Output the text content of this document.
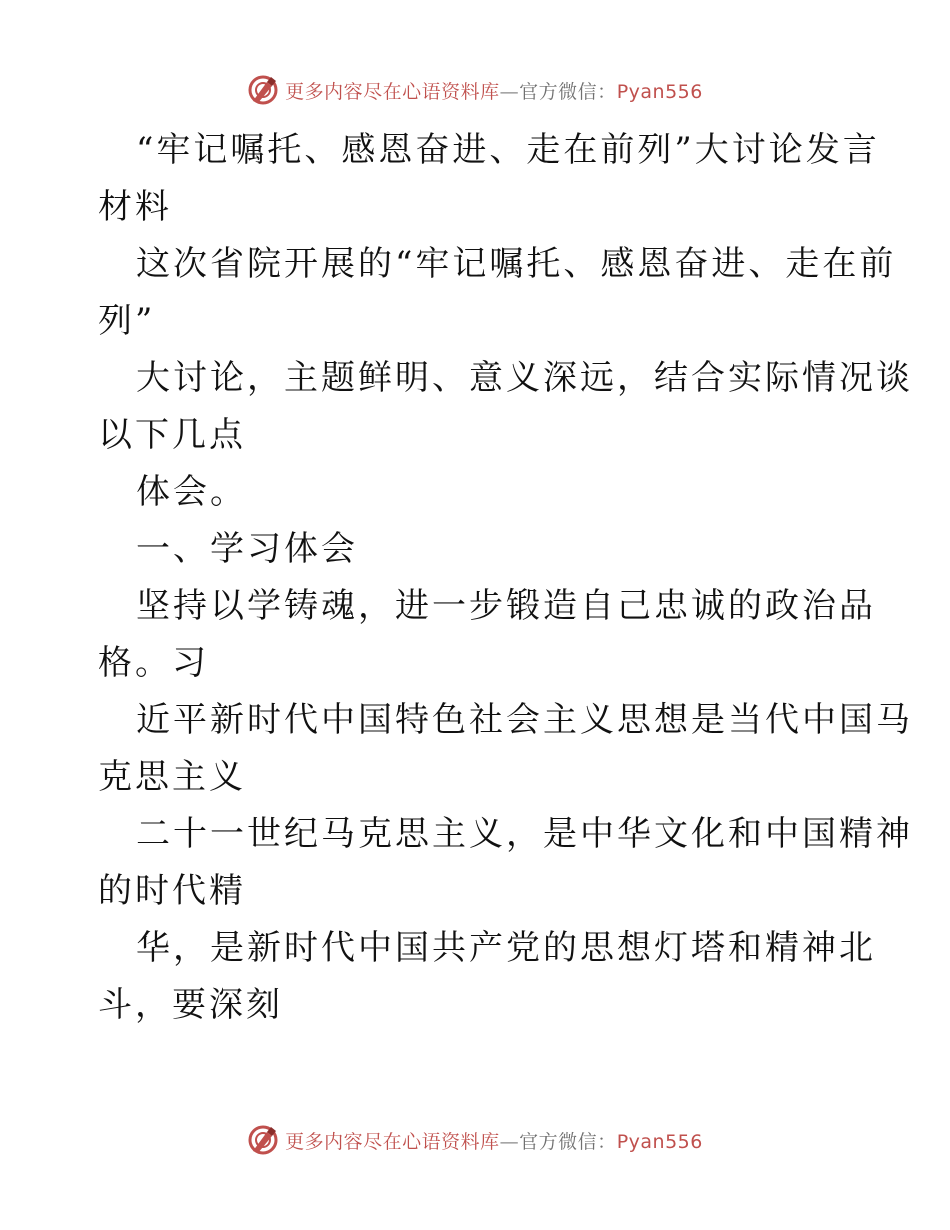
更多内容尽在心语资料库—官方微信：Pyan556
“牢记嘱托、感恩奋进、走在前列”大讨论发言
材料
这次省院开展的“牢记嘱托、感恩奋进、走在前
列”
大讨论，主题鲜明、意义深远，结合实际情况谈
以下几点
体会。
一、学习体会
坚持以学铸魂，进一步锻造自己忠诚的政治品
格。习
近平新时代中国特色社会主义思想是当代中国马
克思主义
二十一世纪马克思主义，是中华文化和中国精神
的时代精
华，是新时代中国共产党的思想灯塔和精神北
斗，要深刻
更多内容尽在心语资料库—官方微信：Pyan556
